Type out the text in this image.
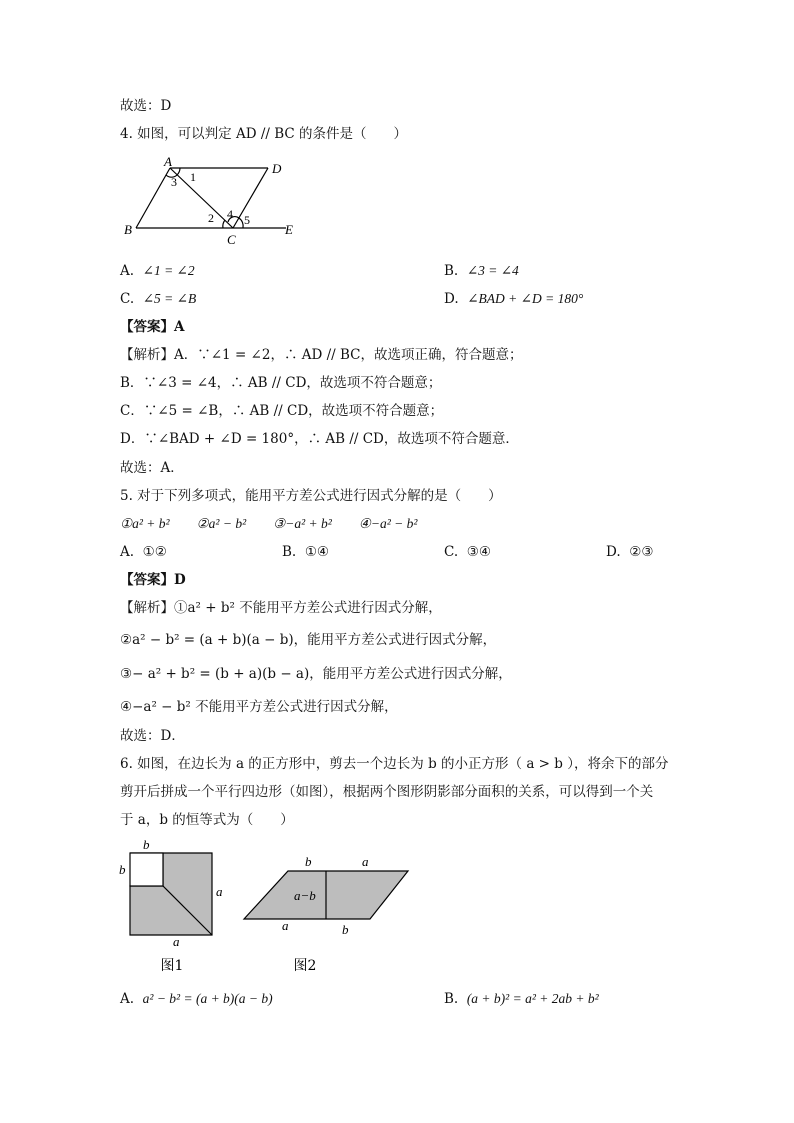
故选：D
4. 如图，可以判定 AD // BC 的条件是（　　）
A	D
B
C
E
1
2
3
4 5
A. ∠1 = ∠2	B. ∠3 = ∠4
C. ∠5 = ∠B	D. ∠BAD + ∠D = 180°
【答案】A
【解析】A．∵∠1 = ∠2，∴ AD // BC，故选项正确，符合题意；
B．∵∠3 = ∠4，∴ AB // CD，故选项不符合题意；
C．∵∠5 = ∠B，∴ AB // CD，故选项不符合题意；
D．∵∠BAD + ∠D = 180°，∴ AB // CD，故选项不符合题意．
故选：A．
5. 对于下列多项式，能用平方差公式进行因式分解的是（　　）
①a² + b²　　②a² − b²　　③−a² + b²　　④−a² − b²
A. ①②	B. ①④	C. ③④	D. ②③
【答案】D
【解析】①a² + b² 不能用平方差公式进行因式分解，
②a² − b² = (a + b)(a − b)，能用平方差公式进行因式分解，
③− a² + b² = (b + a)(b − a)，能用平方差公式进行因式分解，
④−a² − b² 不能用平方差公式进行因式分解，
故选：D．
6. 如图，在边长为 a 的正方形中，剪去一个边长为 b 的小正方形（ a > b ），将余下的部分
剪开后拼成一个平行四边形（如图），根据两个图形阴影部分面积的关系，可以得到一个关
于 a，b 的恒等式为（　　）
b
b
a
a
图1
b	a
a−b
a	b
图2
A. a² − b² = (a + b)(a − b)	B. (a + b)² = a² + 2ab + b²
